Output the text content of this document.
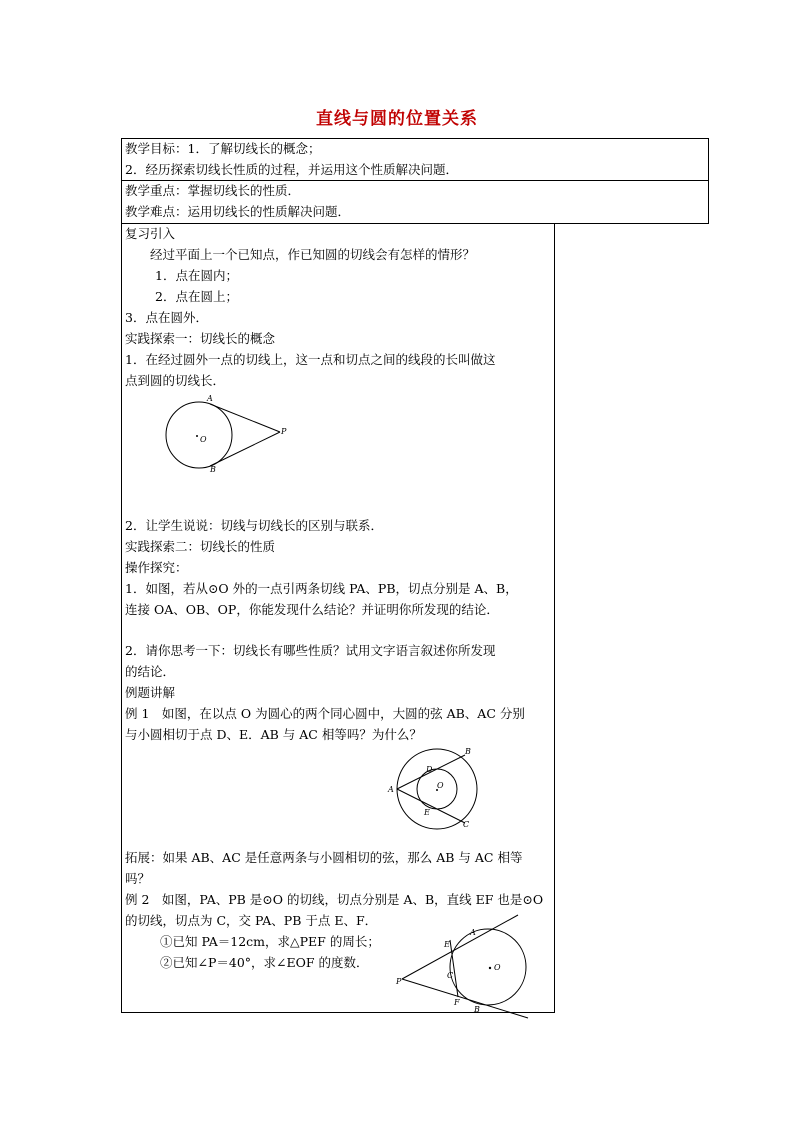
直线与圆的位置关系
教学目标：1．了解切线长的概念；
2．经历探索切线长性质的过程，并运用这个性质解决问题．
教学重点：掌握切线长的性质．
教学难点：运用切线长的性质解决问题．
复习引入
经过平面上一个已知点，作已知圆的切线会有怎样的情形？
1．点在圆内；
2．点在圆上；
3．点在圆外．
实践探索一：切线长的概念
1．在经过圆外一点的切线上，这一点和切点之间的线段的长叫做这
点到圆的切线长．
A
O
P
B
2．让学生说说：切线与切线长的区别与联系．
实践探索二：切线长的性质
操作探究：
1．如图，若从⊙O 外的一点引两条切线 PA、PB，切点分别是 A、B，
连接 OA、OB、OP，你能发现什么结论？并证明你所发现的结论．
2．请你思考一下：切线长有哪些性质？试用文字语言叙述你所发现
的结论．
例题讲解
例 1　如图，在以点 O 为圆心的两个同心圆中，大圆的弦 AB、AC 分别
与小圆相切于点 D、E．AB 与 AC 相等吗？为什么？
A
B
C
D
E
O
拓展：如果 AB、AC 是任意两条与小圆相切的弦，那么 AB 与 AC 相等
吗？
例 2　如图，PA、PB 是⊙O 的切线，切点分别是 A、B，直线 EF 也是⊙O
的切线，切点为 C，交 PA、PB 于点 E、F．
①已知 PA＝12cm，求△PEF 的周长；
②已知∠P＝40°，求∠EOF 的度数．
P
A
E
C
F
B
O
